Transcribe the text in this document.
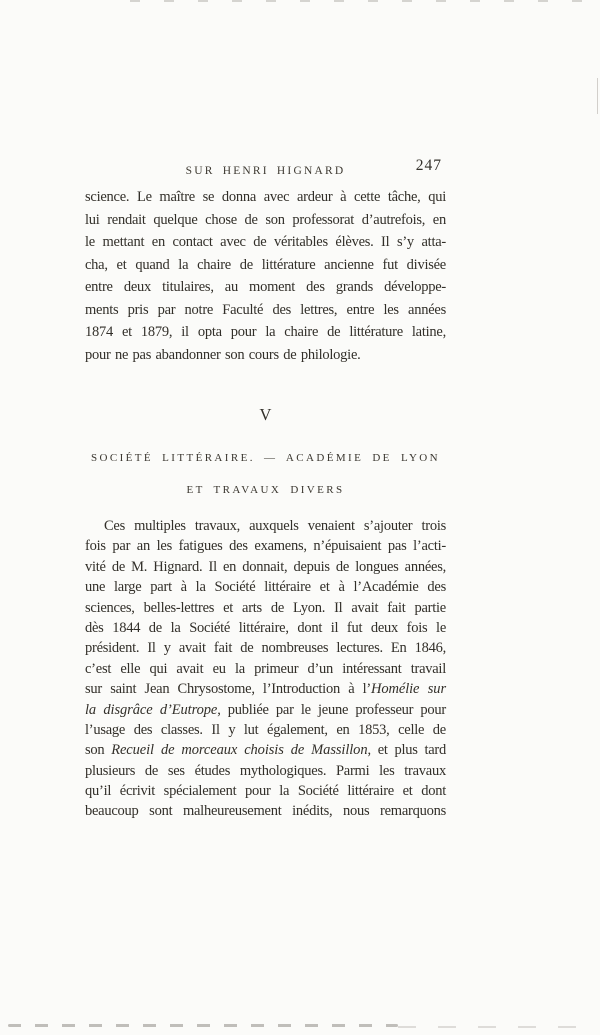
SUR HENRI HIGNARD	247
science. Le maître se donna avec ardeur à cette tâche, qui
lui rendait quelque chose de son professorat d’autrefois, en
le mettant en contact avec de véritables élèves. Il s’y atta-
cha, et quand la chaire de littérature ancienne fut divisée
entre deux titulaires, au moment des grands développe-
ments pris par notre Faculté des lettres, entre les années
1874 et 1879, il opta pour la chaire de littérature latine,
pour ne pas abandonner son cours de philologie.
V
SOCIÉTÉ LITTÉRAIRE. — ACADÉMIE DE LYON
ET TRAVAUX DIVERS
Ces multiples travaux, auxquels venaient s’ajouter trois
fois par an les fatigues des examens, n’épuisaient pas l’acti-
vité de M. Hignard. Il en donnait, depuis de longues années,
une large part à la Société littéraire et à l’Académie des
sciences, belles-lettres et arts de Lyon. Il avait fait partie
dès 1844 de la Société littéraire, dont il fut deux fois le
président. Il y avait fait de nombreuses lectures. En 1846,
c’est elle qui avait eu la primeur d’un intéressant travail
sur saint Jean Chrysostome, l’Introduction à l’Homélie sur
la disgrâce d’Eutrope, publiée par le jeune professeur pour
l’usage des classes. Il y lut également, en 1853, celle de
son Recueil de morceaux choisis de Massillon, et plus tard
plusieurs de ses études mythologiques. Parmi les travaux
qu’il écrivit spécialement pour la Société littéraire et dont
beaucoup sont malheureusement inédits, nous remarquons
